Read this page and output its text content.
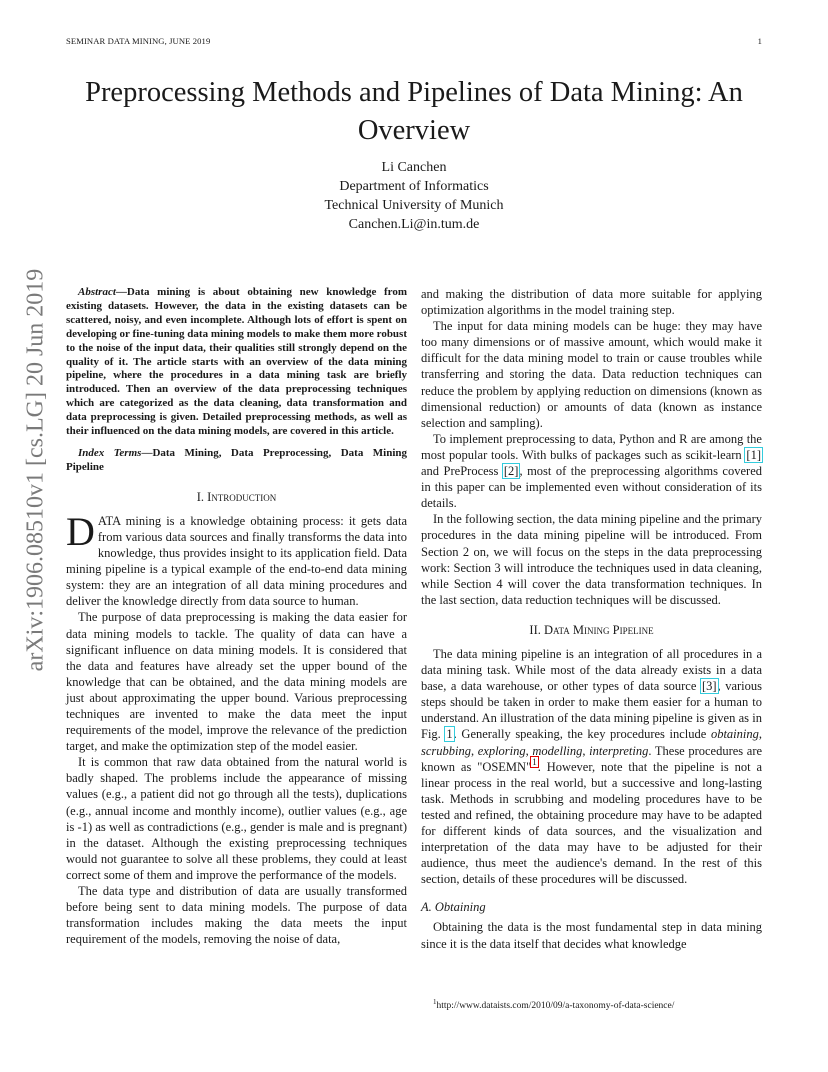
SEMINAR DATA MINING, JUNE 2019	1
arXiv:1906.08510v1 [cs.LG] 20 Jun 2019
Preprocessing Methods and Pipelines of Data Mining: An Overview
Li Canchen
Department of Informatics
Technical University of Munich
Canchen.Li@in.tum.de

Abstract—Data mining is about obtaining new knowledge from existing datasets. However, the data in the existing datasets can be scattered, noisy, and even incomplete. Although lots of effort is spent on developing or fine-tuning data mining models to make them more robust to the noise of the input data, their qualities still strongly depend on the quality of it. The article starts with an overview of the data mining pipeline, where the procedures in a data mining task are briefly introduced. Then an overview of the data preprocessing techniques which are categorized as the data cleaning, data transformation and data preprocessing is given. Detailed preprocessing methods, as well as their influenced on the data mining models, are covered in this article.

Index Terms—Data Mining, Data Preprocessing, Data Mining Pipeline

I. Introduction

DATA mining is a knowledge obtaining process: it gets data from various data sources and finally transforms the data into knowledge, thus provides insight to its application field. Data mining pipeline is a typical example of the end-to-end data mining system: they are an integration of all data mining procedures and deliver the knowledge directly from data source to human.

The purpose of data preprocessing is making the data easier for data mining models to tackle. The quality of data can have a significant influence on data mining models. It is considered that the data and features have already set the upper bound of the knowledge that can be obtained, and the data mining models are just about approximating the upper bound. Various preprocessing techniques are invented to make the data meet the input requirements of the model, improve the relevance of the prediction target, and make the optimization step of the model easier.

It is common that raw data obtained from the natural world is badly shaped. The problems include the appearance of missing values (e.g., a patient did not go through all the tests), duplications (e.g., annual income and monthly income), outlier values (e.g., age is -1) as well as contradictions (e.g., gender is male and is pregnant) in the dataset. Although the existing preprocessing techniques would not guarantee to solve all these problems, they could at least correct some of them and improve the performance of the models.

The data type and distribution of data are usually transformed before being sent to data mining models. The purpose of data transformation includes making the data meets the input requirement of the models, removing the noise of data,

and making the distribution of data more suitable for applying optimization algorithms in the model training step.

The input for data mining models can be huge: they may have too many dimensions or of massive amount, which would make it difficult for the data mining model to train or cause troubles while transferring and storing the data. Data reduction techniques can reduce the problem by applying reduction on dimensions (known as dimensional reduction) or amounts of data (known as instance selection and sampling).

To implement preprocessing to data, Python and R are among the most popular tools. With bulks of packages such as scikit-learn [1] and PreProcess [2], most of the preprocessing algorithms covered in this paper can be implemented even without consideration of its details.

In the following section, the data mining pipeline and the primary procedures in the data mining pipeline will be introduced. From Section 2 on, we will focus on the steps in the data preprocessing work: Section 3 will introduce the techniques used in data cleaning, while Section 4 will cover the data transformation techniques. In the last section, data reduction techniques will be discussed.

II. Data Mining Pipeline

The data mining pipeline is an integration of all procedures in a data mining task. While most of the data already exists in a data base, a data warehouse, or other types of data source [3], various steps should be taken in order to make them easier for a human to understand. An illustration of the data mining pipeline is given as in Fig. 1. Generally speaking, the key procedures include obtaining, scrubbing, exploring, modelling, interpreting. These procedures are known as "OSEMN"$^1$. However, note that the pipeline is not a linear process in the real world, but a successive and long-lasting task. Methods in scrubbing and modeling procedures have to be tested and refined, the obtaining procedure may have to be adapted for different kinds of data sources, and the visualization and interpretation of the data may have to be adjusted for their audience, thus meet the audience's demand. In the rest of this section, details of these procedures will be discussed.

A. Obtaining

Obtaining the data is the most fundamental step in data mining since it is the data itself that decides what knowledge

$^1$http://www.dataists.com/2010/09/a-taxonomy-of-data-science/
